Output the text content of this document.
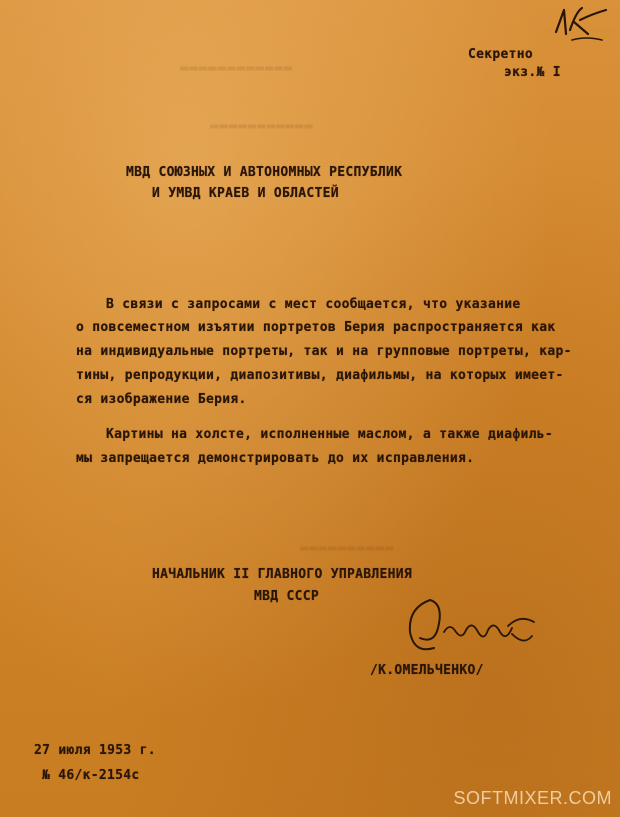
▬▬▬▬▬▬▬▬▬▬▬
▬▬▬▬▬▬▬▬▬▬▬▬
▬▬▬▬▬▬▬▬▬▬
Секретно
экз.№ I
МВД СОЮЗНЫХ И АВТОНОМНЫХ РЕСПУБЛИК
И УМВД КРАЕВ И ОБЛАСТЕЙ
В связи с запросами с мест сообщается, что указание
о повсеместном изъятии портретов Берия распространяется как
на индивидуальные портреты, так и на групповые портреты, кар-
тины, репродукции, диапозитивы, диафильмы, на которых имеет-
ся изображение Берия.
Картины на холсте, исполненные маслом, а также диафиль-
мы запрещается демонстрировать до их исправления.
НАЧАЛЬНИК II ГЛАВНОГО УПРАВЛЕНИЯ
МВД СССР
/К.ОМЕЛЬЧЕНКО/
27 июля 1953 г.
№ 46/к-2154с
SOFTMIXER.COM
